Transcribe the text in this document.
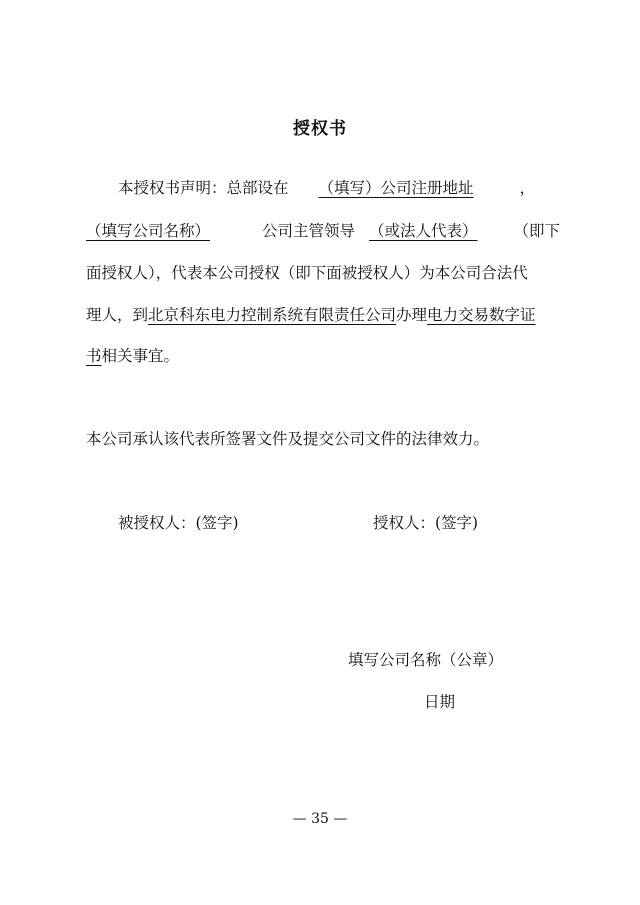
授权书
本授权书声明：总部设在 （填写）公司注册地址	，
（填写公司名称）	公司主管领导 （或法人代表） （即下
面授权人），代表本公司授权（即下面被授权人）为本公司合法代
理人，到北京科东电力控制系统有限责任公司办理电力交易数字证
书相关事宜。
本公司承认该代表所签署文件及提交公司文件的法律效力。
被授权人：(签字)	授权人：(签字)
填写公司名称（公章）
日期
— 35 —
